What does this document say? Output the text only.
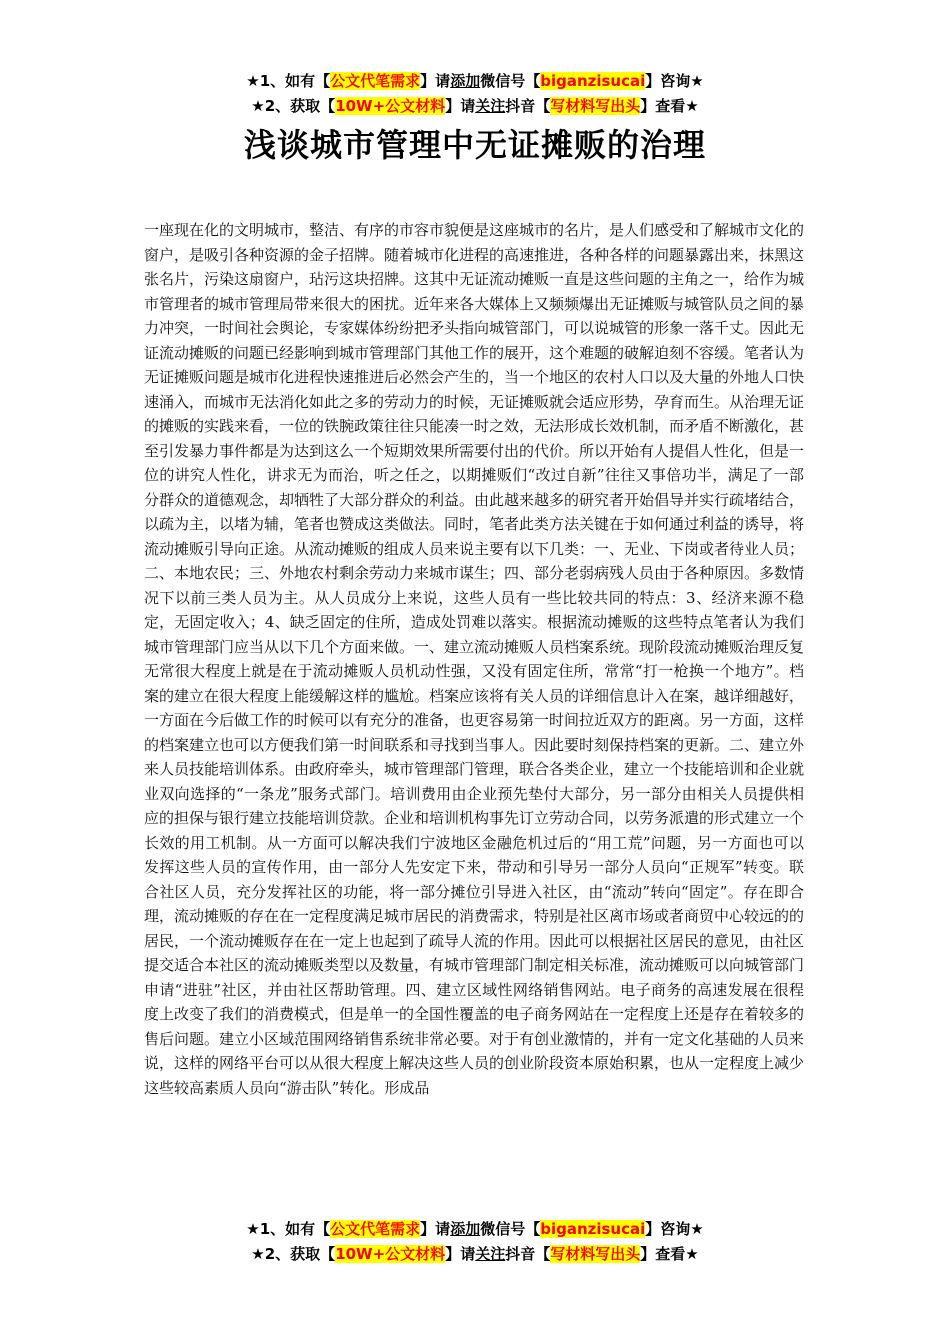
★1、如有【公文代笔需求】请添加微信号【biganzisucai】咨询★
★2、获取【10W+公文材料】请关注抖音【写材料写出头】查看★
浅谈城市管理中无证摊贩的治理
一座现在化的文明城市，整洁、有序的市容市貌便是这座城市的名片，是人们感受和了解城市文化的窗户，是吸引各种资源的金子招牌。随着城市化进程的高速推进，各种各样的问题暴露出来，抹黑这张名片，污染这扇窗户，玷污这块招牌。这其中无证流动摊贩一直是这些问题的主角之一，给作为城市管理者的城市管理局带来很大的困扰。近年来各大媒体上又频频爆出无证摊贩与城管队员之间的暴力冲突，一时间社会舆论，专家媒体纷纷把矛头指向城管部门，可以说城管的形象一落千丈。因此无证流动摊贩的问题已经影响到城市管理部门其他工作的展开，这个难题的破解迫刻不容缓。笔者认为无证摊贩问题是城市化进程快速推进后必然会产生的，当一个地区的农村人口以及大量的外地人口快速涌入，而城市无法消化如此之多的劳动力的时候，无证摊贩就会适应形势，孕育而生。从治理无证的摊贩的实践来看，一位的铁腕政策往往只能凑一时之效，无法形成长效机制，而矛盾不断激化，甚至引发暴力事件都是为达到这么一个短期效果所需要付出的代价。所以开始有人提倡人性化，但是一位的讲究人性化，讲求无为而治，听之任之，以期摊贩们“改过自新”往往又事倍功半，满足了一部分群众的道德观念，却牺牲了大部分群众的利益。由此越来越多的研究者开始倡导并实行疏堵结合，以疏为主，以堵为辅，笔者也赞成这类做法。同时，笔者此类方法关键在于如何通过利益的诱导，将流动摊贩引导向正途。从流动摊贩的组成人员来说主要有以下几类：一、无业、下岗或者待业人员；二、本地农民；三、外地农村剩余劳动力来城市谋生；四、部分老弱病残人员由于各种原因。多数情况下以前三类人员为主。从人员成分上来说，这些人员有一些比较共同的特点：3、经济来源不稳定，无固定收入；4、缺乏固定的住所，造成处罚难以落实。根据流动摊贩的这些特点笔者认为我们城市管理部门应当从以下几个方面来做。一、建立流动摊贩人员档案系统。现阶段流动摊贩治理反复无常很大程度上就是在于流动摊贩人员机动性强，又没有固定住所，常常“打一枪换一个地方”。档案的建立在很大程度上能缓解这样的尴尬。档案应该将有关人员的详细信息计入在案，越详细越好，一方面在今后做工作的时候可以有充分的准备，也更容易第一时间拉近双方的距离。另一方面，这样的档案建立也可以方便我们第一时间联系和寻找到当事人。因此要时刻保持档案的更新。二、建立外来人员技能培训体系。由政府牵头，城市管理部门管理，联合各类企业，建立一个技能培训和企业就业双向选择的“一条龙”服务式部门。培训费用由企业预先垫付大部分，另一部分由相关人员提供相应的担保与银行建立技能培训贷款。企业和培训机构事先订立劳动合同，以劳务派遣的形式建立一个长效的用工机制。从一方面可以解决我们宁波地区金融危机过后的“用工荒”问题，另一方面也可以发挥这些人员的宣传作用，由一部分人先安定下来，带动和引导另一部分人员向“正规军”转变。联合社区人员，充分发挥社区的功能，将一部分摊位引导进入社区，由“流动”转向“固定”。存在即合理，流动摊贩的存在在一定程度满足城市居民的消费需求，特别是社区离市场或者商贸中心较远的的居民，一个流动摊贩存在在一定上也起到了疏导人流的作用。因此可以根据社区居民的意见，由社区提交适合本社区的流动摊贩类型以及数量，有城市管理部门制定相关标准，流动摊贩可以向城管部门申请“进驻”社区，并由社区帮助管理。四、建立区域性网络销售网站。电子商务的高速发展在很程度上改变了我们的消费模式，但是单一的全国性覆盖的电子商务网站在一定程度上还是存在着较多的售后问题。建立小区域范围网络销售系统非常必要。对于有创业激情的，并有一定文化基础的人员来说，这样的网络平台可以从很大程度上解决这些人员的创业阶段资本原始积累，也从一定程度上减少这些较高素质人员向“游击队”转化。形成品
★1、如有【公文代笔需求】请添加微信号【biganzisucai】咨询★
★2、获取【10W+公文材料】请关注抖音【写材料写出头】查看★
